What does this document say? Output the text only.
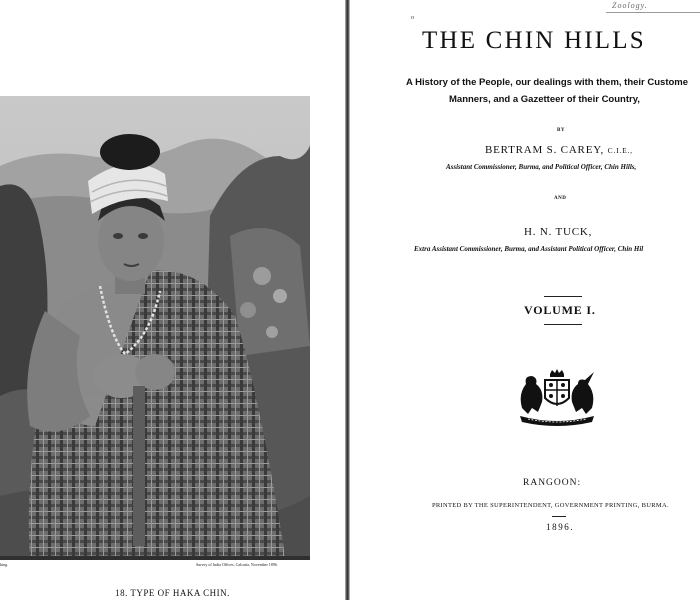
hing.	Survey of India Offices, Calcutta, November 1896.
18. TYPE OF HAKA CHIN.
Zoology.
o
THE CHIN HILLS
A History of the People, our dealings with them, their Custome
Manners, and a Gazetteer of their Country,
BY
BERTRAM S. CAREY, C.I.E.,
Assistant Commissioner, Burma, and Political Officer, Chin Hills,
AND
H. N. TUCK,
Extra Assistant Commissioner, Burma, and Assistant Political Officer, Chin Hil
VOLUME I.
RANGOON:
PRINTED BY THE SUPERINTENDENT, GOVERNMENT PRINTING, BURMA.
1896.
